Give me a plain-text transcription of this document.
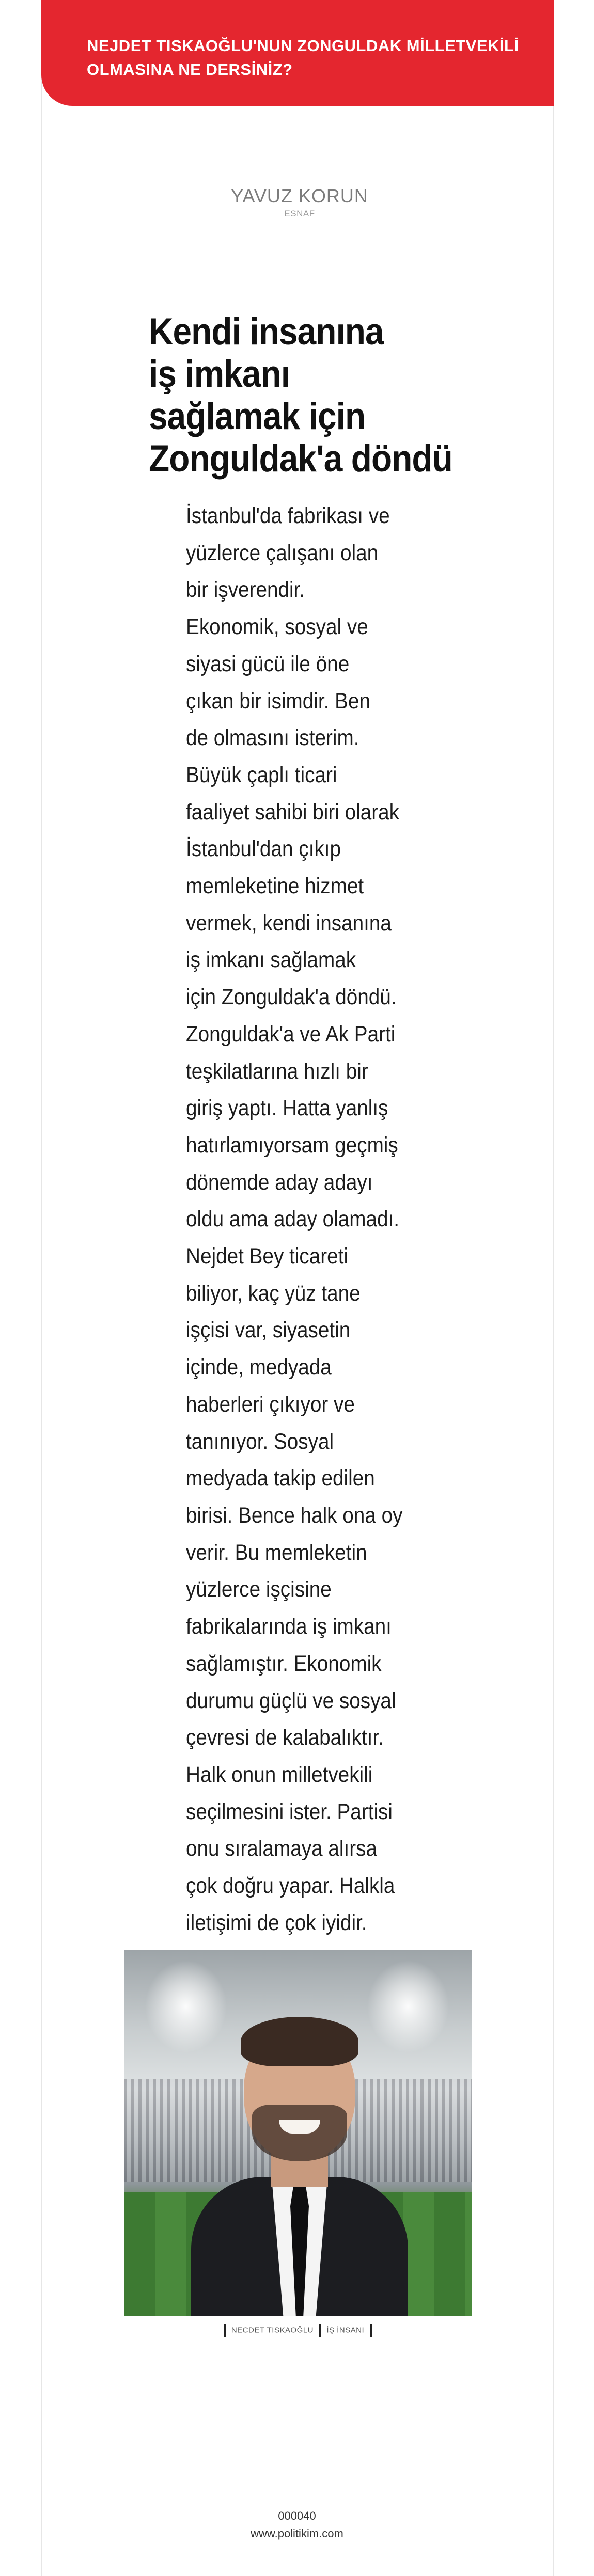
NEJDET TISKAOĞLU'NUN ZONGULDAK MİLLETVEKİLİ OLMASINA NE DERSİNİZ?
YAVUZ KORUN
ESNAF
Kendi insanına
iş imkanı
sağlamak için
Zonguldak'a döndü
İstanbul'da fabrikası ve
yüzlerce çalışanı olan
bir işverendir.
Ekonomik, sosyal ve
siyasi gücü ile öne
çıkan bir isimdir. Ben
de olmasını isterim.
Büyük çaplı ticari
faaliyet sahibi biri olarak
İstanbul'dan çıkıp
memleketine hizmet
vermek, kendi insanına
iş imkanı sağlamak
için Zonguldak'a döndü.
Zonguldak'a ve Ak Parti
teşkilatlarına hızlı bir
giriş yaptı. Hatta yanlış
hatırlamıyorsam geçmiş
dönemde aday adayı
oldu ama aday olamadı.
Nejdet Bey ticareti
biliyor, kaç yüz tane
işçisi var, siyasetin
içinde, medyada
haberleri çıkıyor ve
tanınıyor. Sosyal
medyada takip edilen
birisi. Bence halk ona oy
verir. Bu memleketin
yüzlerce işçisine
fabrikalarında iş imkanı
sağlamıştır. Ekonomik
durumu güçlü ve sosyal
çevresi de kalabalıktır.
Halk onun milletvekili
seçilmesini ister. Partisi
onu sıralamaya alırsa
çok doğru yapar. Halkla
iletişimi de çok iyidir.
NECDET TISKAOĞLU İŞ İNSANI
000040
www.politikim.com
